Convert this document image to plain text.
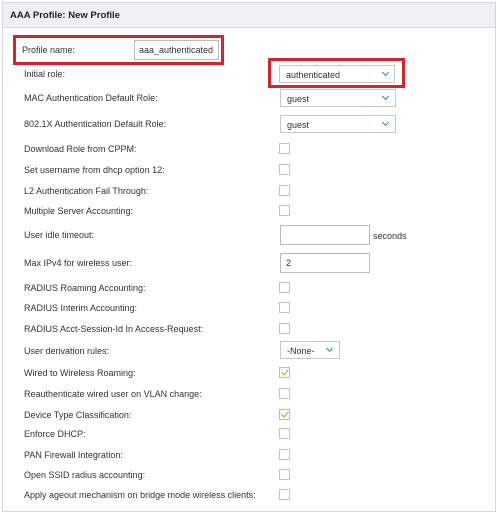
AAA Profile: New Profile
Profile name:	aaa_authenticated
Initial role:	authenticated
MAC Authentication Default Role:	guest
802.1X Authentication Default Role:	guest
Download Role from CPPM:
Set username from dhcp option 12:
L2 Authentication Fail Through:
Multiple Server Accounting:
User idle timeout:	seconds
Max IPv4 for wireless user:	2
RADIUS Roaming Accounting:
RADIUS Interim Accounting:
RADIUS Acct-Session-Id In Access-Request:
User derivation rules:	-None-
Wired to Wireless Roaming:
Reauthenticate wired user on VLAN change:
Device Type Classification:
Enforce DHCP:
PAN Firewall Integration:
Open SSID radius accounting:
Apply ageout mechanism on bridge mode wireless clients:
